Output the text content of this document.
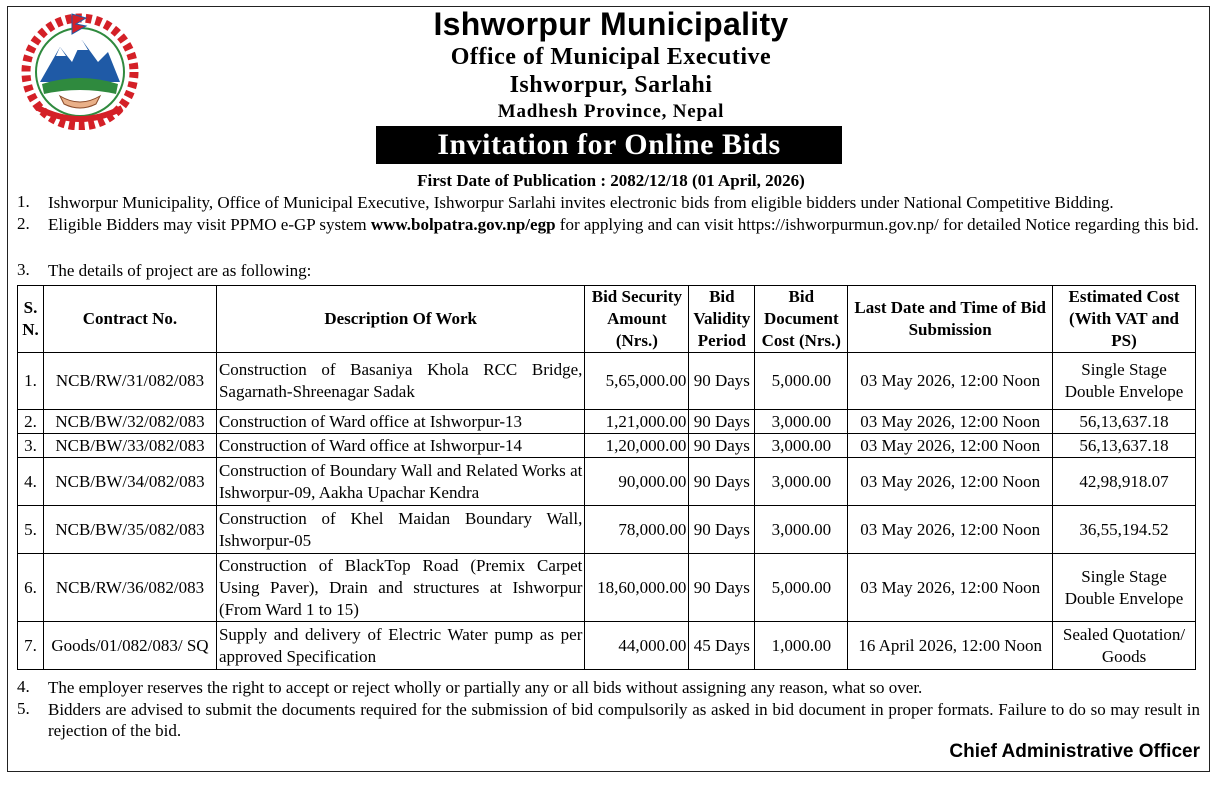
Ishworpur Municipality
Office of Municipal Executive
Ishworpur, Sarlahi
Madhesh Province, Nepal
Invitation for Online Bids
First Date of Publication : 2082/12/18 (01 April, 2026)
1. Ishworpur Municipality, Office of Municipal Executive, Ishworpur Sarlahi invites electronic bids from eligible bidders under National Competitive Bidding.
2. Eligible Bidders may visit PPMO e-GP system www.bolpatra.gov.np/egp for applying and can visit https://ishworpurmun.gov.np/ for detailed Notice regarding this bid.
3. The details of project are as following:
S. N.	Contract No.	Description Of Work	Bid Security Amount (Nrs.)	Bid Validity Period	Bid Document Cost (Nrs.)	Last Date and Time of Bid Submission	Estimated Cost (With VAT and PS)
1.	NCB/RW/31/082/083	Construction of Basaniya Khola RCC Bridge, Sagarnath-Shreenagar Sadak	5,65,000.00	90 Days	5,000.00	03 May 2026, 12:00 Noon	Single Stage Double Envelope
2.	NCB/BW/32/082/083	Construction of Ward office at Ishworpur-13	1,21,000.00	90 Days	3,000.00	03 May 2026, 12:00 Noon	56,13,637.18
3.	NCB/BW/33/082/083	Construction of Ward office at Ishworpur-14	1,20,000.00	90 Days	3,000.00	03 May 2026, 12:00 Noon	56,13,637.18
4.	NCB/BW/34/082/083	Construction of Boundary Wall and Related Works at Ishworpur-09, Aakha Upachar Kendra	90,000.00	90 Days	3,000.00	03 May 2026, 12:00 Noon	42,98,918.07
5.	NCB/BW/35/082/083	Construction of Khel Maidan Boundary Wall, Ishworpur-05	78,000.00	90 Days	3,000.00	03 May 2026, 12:00 Noon	36,55,194.52
6.	NCB/RW/36/082/083	Construction of BlackTop Road (Premix Carpet Using Paver), Drain and structures at Ishworpur (From Ward 1 to 15)	18,60,000.00	90 Days	5,000.00	03 May 2026, 12:00 Noon	Single Stage Double Envelope
7.	Goods/01/082/083/ SQ	Supply and delivery of Electric Water pump as per approved Specification	44,000.00	45 Days	1,000.00	16 April 2026, 12:00 Noon	Sealed Quotation/ Goods
4. The employer reserves the right to accept or reject wholly or partially any or all bids without assigning any reason, what so over.
5. Bidders are advised to submit the documents required for the submission of bid compulsorily as asked in bid document in proper formats. Failure to do so may result in rejection of the bid.
Chief Administrative Officer
